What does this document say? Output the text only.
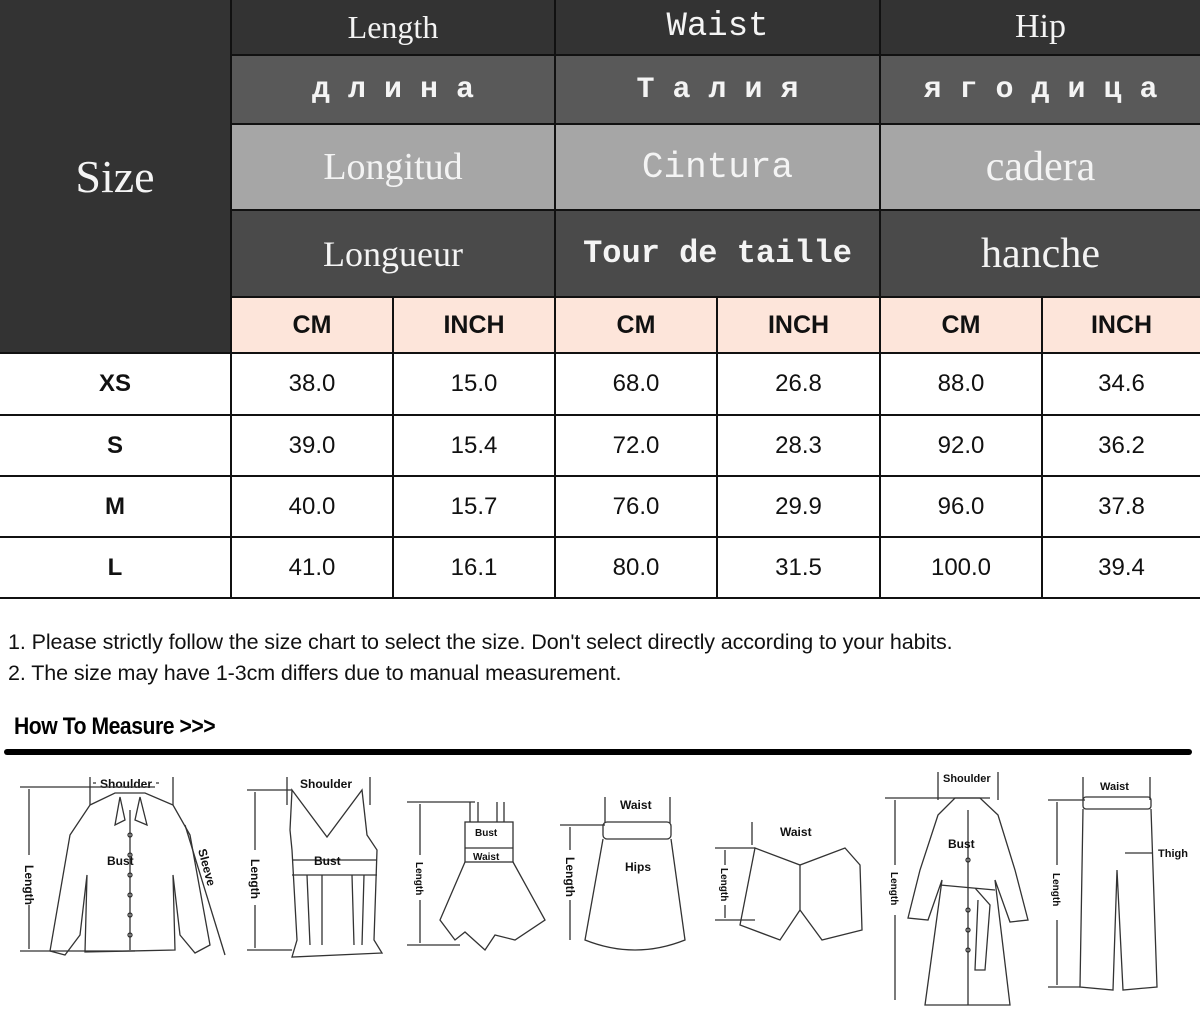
Size
Length
д л и н а
Longitud
Longueur
Waist
Т а л и я
Cintura
Tour de taille
Hip
я г о д и ц а
cadera
hanche
CM	INCH	CM	INCH	CM	INCH
XS	38.0	15.0	68.0	26.8	88.0	34.6
S	39.0	15.4	72.0	28.3	92.0	36.2
M	40.0	15.7	76.0	29.9	96.0	37.8
L	41.0	16.1	80.0	31.5	100.0	39.4
1. Please strictly follow the size chart to select the size. Don't select directly according to your habits.
2. The size may have 1-3cm differs due to manual measurement.
How To Measure >>>
Shoulder
Length
Bust	Sleeve
Shoulder
Length	Bust
Length
Bust
Waist
Waist
Length	Hips
Waist
Length
Shoulder
Length
Bust
Waist
Length
Thigh
